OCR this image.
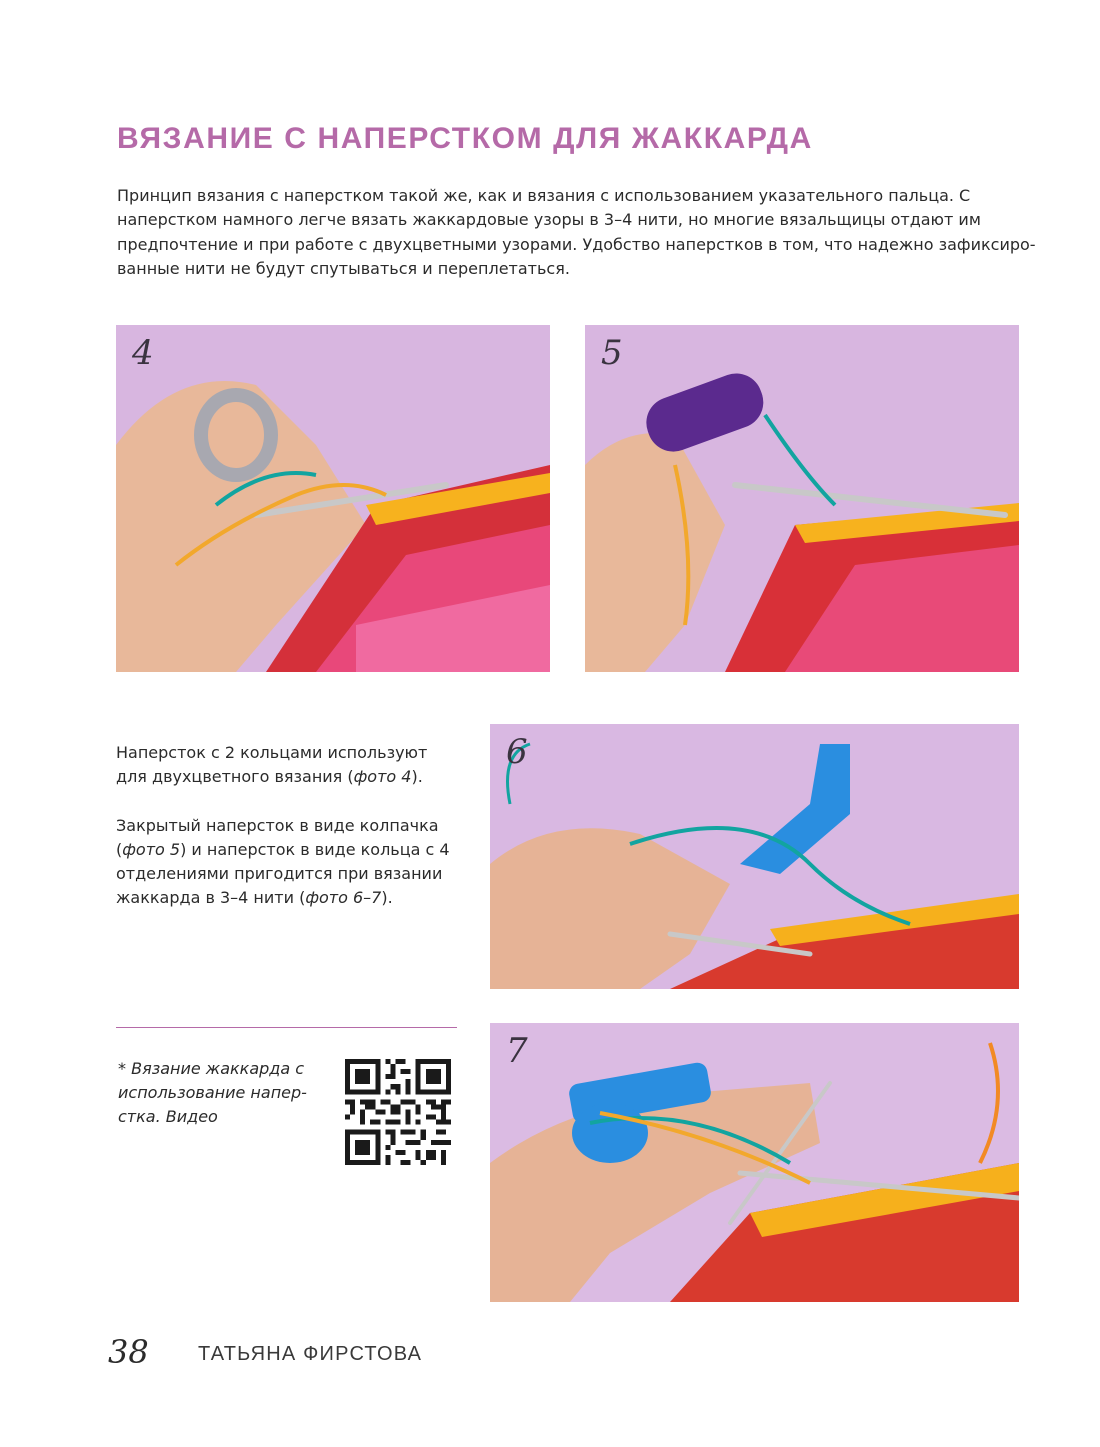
ВЯЗАНИЕ С НАПЕРСТКОМ ДЛЯ ЖАККАРДА

Принцип вязания с наперстком такой же, как и вязания с использованием указательного пальца. С наперстком намного легче вязать жаккардовые узоры в 3–4 нити, но многие вязальщицы отдают им предпочтение и при работе с двухцветными узорами. Удобство наперстков в том, что надежно зафиксированные нити не будут спутываться и переплетаться.

4	5

Наперсток с 2 кольцами используют для двухцветного вязания (фото 4).

Закрытый наперсток в виде колпачка (фото 5) и наперсток в виде кольца с 4 отделениями пригодится при вязании жаккарда в 3–4 нити (фото 6–7).

6

* Вязание жаккарда с использование наперстка. Видео

7
38 ТАТЬЯНА ФИРСТОВА
